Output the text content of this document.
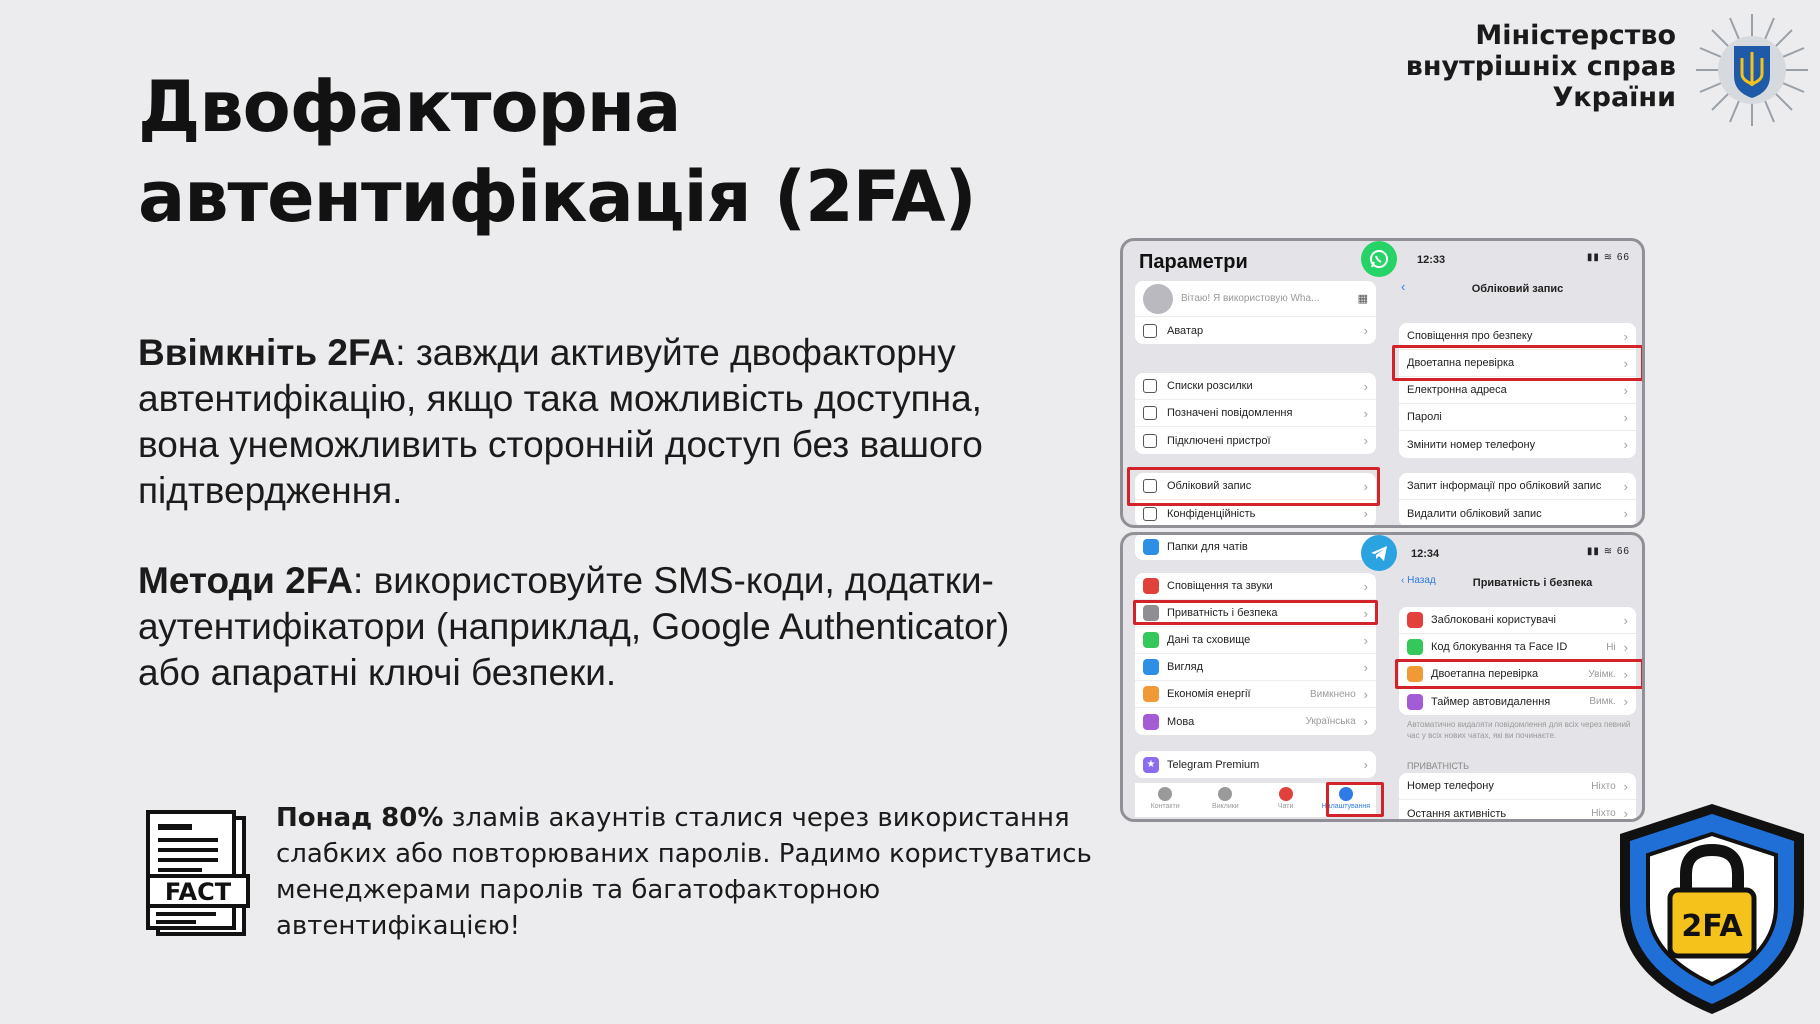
Двофакторна автентифікація (2FA)
Міністерство
внутрішніх справ
України
Ввімкніть 2FA: завжди активуйте двофакторну автентифікацію, якщо така можливість доступна, вона унеможливить сторонній доступ без вашого підтвердження.
Методи 2FA: використовуйте SMS-коди, додатки-аутентифікатори (наприклад, Google Authenticator) або апаратні ключі безпеки.
FACT
Понад 80% зламів акаунтів сталися через використання слабких або повторюваних паролів. Радимо користуватись менеджерами паролів та багатофакторною автентифікацією!	2FA
Параметри
Вітаю! Я використовую Wha...	▦
Аватар	›
Списки розсилки	›
Позначені повідомлення	›
Підключені пристрої	›
Обліковий запис	›
Конфіденційність	›
12:33	▮▮ ≋ 66
‹	Обліковий запис
Сповіщення про безпеку	›
Двоетапна перевірка	›
Електронна адреса	›
Паролі	›
Змінити номер телефону	›
Запит інформації про обліковий запис	›
Видалити обліковий запис	›
Папки для чатів
Сповіщення та звуки	›
Приватність і безпека	›
Дані та сховище	›
Вигляд	›
Економія енергії	Вимкнено ›
Мова	Українська ›
★	Telegram Premium	›
Контакти	Виклики	Чати	Налаштування
12:34	▮▮ ≋ 66
‹ Назад	Приватність і безпека
Заблоковані користувачі	›
Код блокування та Face ID	Ні ›
Двоетапна перевірка	Увімк. ›
Таймер автовидалення	Вимк. ›
Автоматично видаляти повідомлення для всіх через певний час у всіх нових чатах, які ви починаєте.
ПРИВАТНІСТЬ
Номер телефону	Ніхто ›
Остання активність	Ніхто ›
